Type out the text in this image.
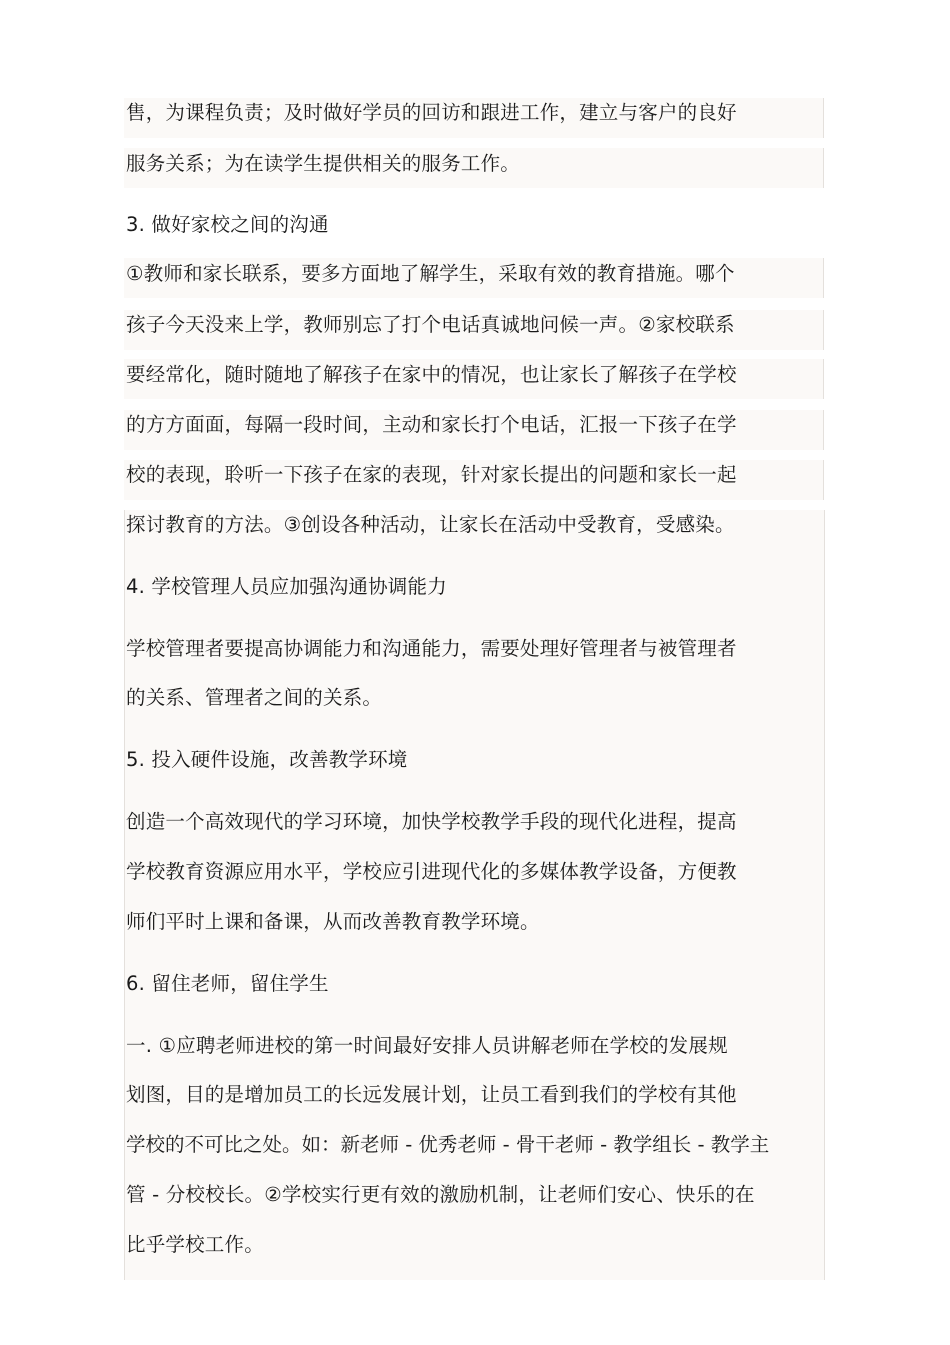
售，为课程负责；及时做好学员的回访和跟进工作，建立与客户的良好
服务关系；为在读学生提供相关的服务工作。
3. 做好家校之间的沟通
①教师和家长联系，要多方面地了解学生，采取有效的教育措施。哪个
孩子今天没来上学，教师别忘了打个电话真诚地问候一声。②家校联系
要经常化，随时随地了解孩子在家中的情况，也让家长了解孩子在学校
的方方面面，每隔一段时间，主动和家长打个电话，汇报一下孩子在学
校的表现，聆听一下孩子在家的表现，针对家长提出的问题和家长一起
探讨教育的方法。③创设各种活动，让家长在活动中受教育，受感染。
4. 学校管理人员应加强沟通协调能力
学校管理者要提高协调能力和沟通能力，需要处理好管理者与被管理者
的关系、管理者之间的关系。
5. 投入硬件设施，改善教学环境
创造一个高效现代的学习环境，加快学校教学手段的现代化进程，提高
学校教育资源应用水平，学校应引进现代化的多媒体教学设备，方便教
师们平时上课和备课，从而改善教育教学环境。
6. 留住老师，留住学生
一. ①应聘老师进校的第一时间最好安排人员讲解老师在学校的发展规
划图，目的是增加员工的长远发展计划，让员工看到我们的学校有其他
学校的不可比之处。如：新老师 - 优秀老师 - 骨干老师 - 教学组长 - 教学主
管 - 分校校长。②学校实行更有效的激励机制，让老师们安心、快乐的在
比乎学校工作。
